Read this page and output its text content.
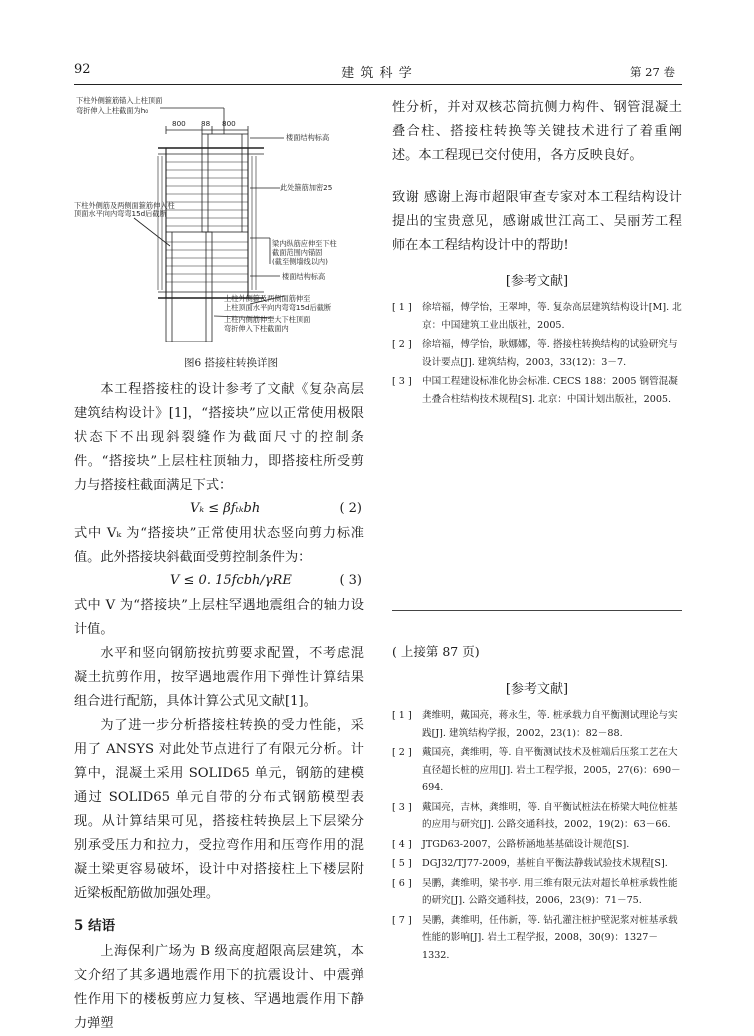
92	建 筑 科 学	第 27 卷
下柱外侧箍筋锚入上柱顶面
弯折伸入上柱截面为h₀
800 88 800
楼面结构标高
此处箍筋加密25
下柱外侧筋及两侧面箍筋伸入柱
顶面水平向内弯弯15d后截断
梁内纵筋应伸至下柱
截面范围内锚固
(截至侧墙线以内)
楼面结构标高
上柱外侧箍及两侧面筋伸至
上柱顶面水平向内弯弯15d后截断
上柱内侧筋伸至大下柱顶面
弯折伸入下柱截面内
图6 搭接柱转换详图

本工程搭接柱的设计参考了文献《复杂高层建筑结构设计》[1]，“搭接块”应以正常使用极限状态下不出现斜裂缝作为截面尺寸的控制条件。“搭接块”上层柱柱顶轴力，即搭接柱所受剪力与搭接柱截面满足下式：

Vₖ ≤ βfₜₖbh	( 2)

式中 Vₖ 为“搭接块”正常使用状态竖向剪力标准值。此外搭接块斜截面受剪控制条件为：

V ≤ 0. 15fcbh/γRE	( 3)

式中 V 为“搭接块”上层柱罕遇地震组合的轴力设计值。

水平和竖向钢筋按抗剪要求配置，不考虑混凝土抗剪作用，按罕遇地震作用下弹性计算结果组合进行配筋，具体计算公式见文献[1]。

为了进一步分析搭接柱转换的受力性能，采用了 ANSYS 对此处节点进行了有限元分析。计算中，混凝土采用 SOLID65 单元，钢筋的建模通过 SOLID65 单元自带的分布式钢筋模型表现。从计算结果可见，搭接柱转换层上下层梁分别承受压力和拉力，受拉弯作用和压弯作用的混凝土梁更容易破坏，设计中对搭接柱上下楼层附近梁板配筋做加强处理。

5 结语

上海保利广场为 B 级高度超限高层建筑，本文介绍了其多遇地震作用下的抗震设计、中震弹性作用下的楼板剪应力复核、罕遇地震作用下静力弹塑

性分析，并对双核芯筒抗侧力构件、钢管混凝土叠合柱、搭接柱转换等关键技术进行了着重阐述。本工程现已交付使用，各方反映良好。

致谢 感谢上海市超限审查专家对本工程结构设计提出的宝贵意见，感谢戚世江高工、吴丽芳工程师在本工程结构设计中的帮助!

[参考文献]
[ 1 ]	徐培福，傅学怡，王翠坤，等. 复杂高层建筑结构设计[M]. 北京：中国建筑工业出版社，2005.
[ 2 ]	徐培福，傅学怡，耿娜娜，等. 搭接柱转换结构的试验研究与设计要点[J]. 建筑结构，2003，33(12)：3－7.
[ 3 ]	中国工程建设标准化协会标准. CECS 188：2005 钢管混凝土叠合柱结构技术规程[S]. 北京：中国计划出版社，2005.
( 上接第 87 页)
[参考文献]
[ 1 ]	龚维明，戴国亮，蒋永生，等. 桩承载力自平衡测试理论与实践[J]. 建筑结构学报，2002，23(1)：82－88.
[ 2 ]	戴国亮，龚维明，等. 自平衡测试技术及桩端后压浆工艺在大直径超长桩的应用[J]. 岩土工程学报，2005，27(6)：690－694.
[ 3 ]	戴国亮，吉林，龚维明，等. 自平衡试桩法在桥梁大吨位桩基的应用与研究[J]. 公路交通科技，2002，19(2)：63－66.
[ 4 ]	JTGD63-2007，公路桥涵地基基础设计规范[S].
[ 5 ]	DGJ32/TJ77-2009，基桩自平衡法静载试验技术规程[S].
[ 6 ]	吴鹏，龚维明，梁书亭. 用三维有限元法对超长单桩承载性能的研究[J]. 公路交通科技，2006，23(9)：71－75.
[ 7 ]	吴鹏，龚维明，任伟新，等. 钻孔灌注桩护壁泥浆对桩基承载性能的影响[J]. 岩土工程学报，2008，30(9)：1327－1332.
